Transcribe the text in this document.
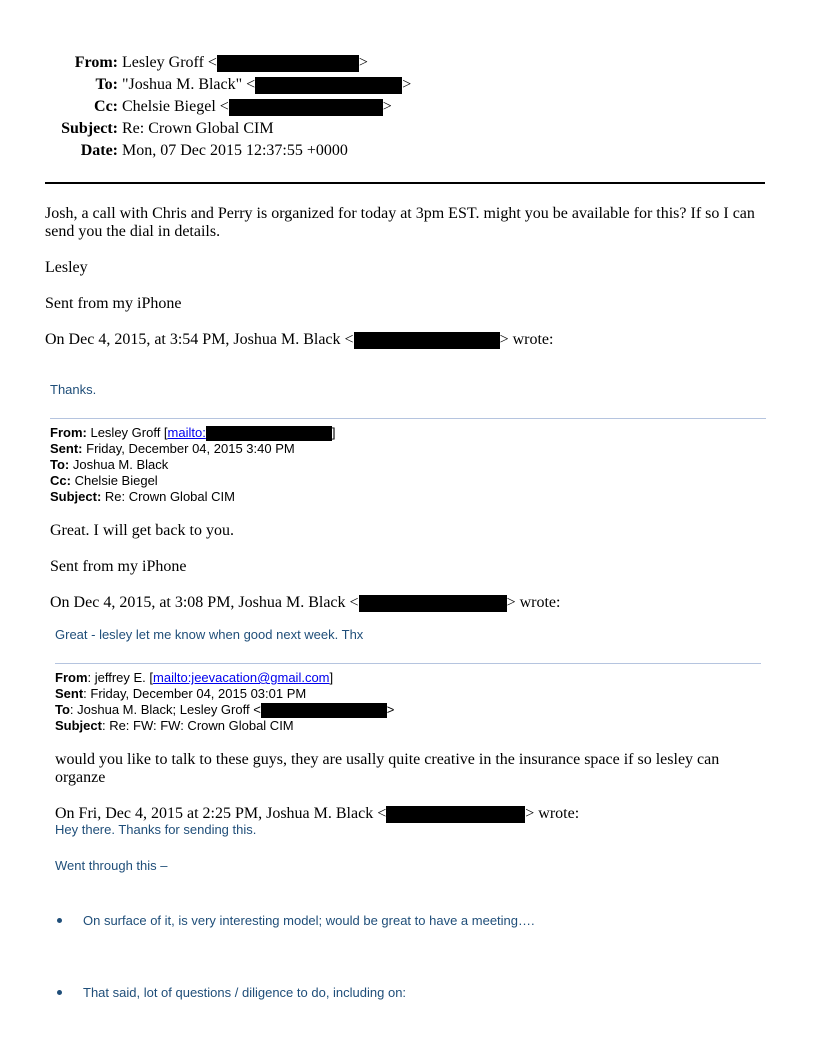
From: Lesley Groff <	>
To: "Joshua M. Black" <	>
Cc: Chelsie Biegel <	>
Subject: Re: Crown Global CIM
Date: Mon, 07 Dec 2015 12:37:55 +0000
Josh, a call with Chris and Perry is organized for today at 3pm EST. might you be available for this? If so I can
send you the dial in details.
Lesley
Sent from my iPhone
On Dec 4, 2015, at 3:54 PM, Joshua M. Black <	> wrote:
Thanks.
From: Lesley Groff [mailto:	]
Sent: Friday, December 04, 2015 3:40 PM
To: Joshua M. Black
Cc: Chelsie Biegel
Subject: Re: Crown Global CIM
Great. I will get back to you.
Sent from my iPhone
On Dec 4, 2015, at 3:08 PM, Joshua M. Black <	> wrote:
Great - lesley let me know when good next week. Thx
From: jeffrey E. [mailto:jeevacation@gmail.com]
Sent: Friday, December 04, 2015 03:01 PM
To: Joshua M. Black; Lesley Groff <	>
Subject: Re: FW: FW: Crown Global CIM
would you like to talk to these guys, they are usally quite creative in the insurance space if so lesley can
organze
On Fri, Dec 4, 2015 at 2:25 PM, Joshua M. Black <	> wrote:
Hey there. Thanks for sending this.
Went through this –
On surface of it, is very interesting model; would be great to have a meeting….
That said, lot of questions / diligence to do, including on:
